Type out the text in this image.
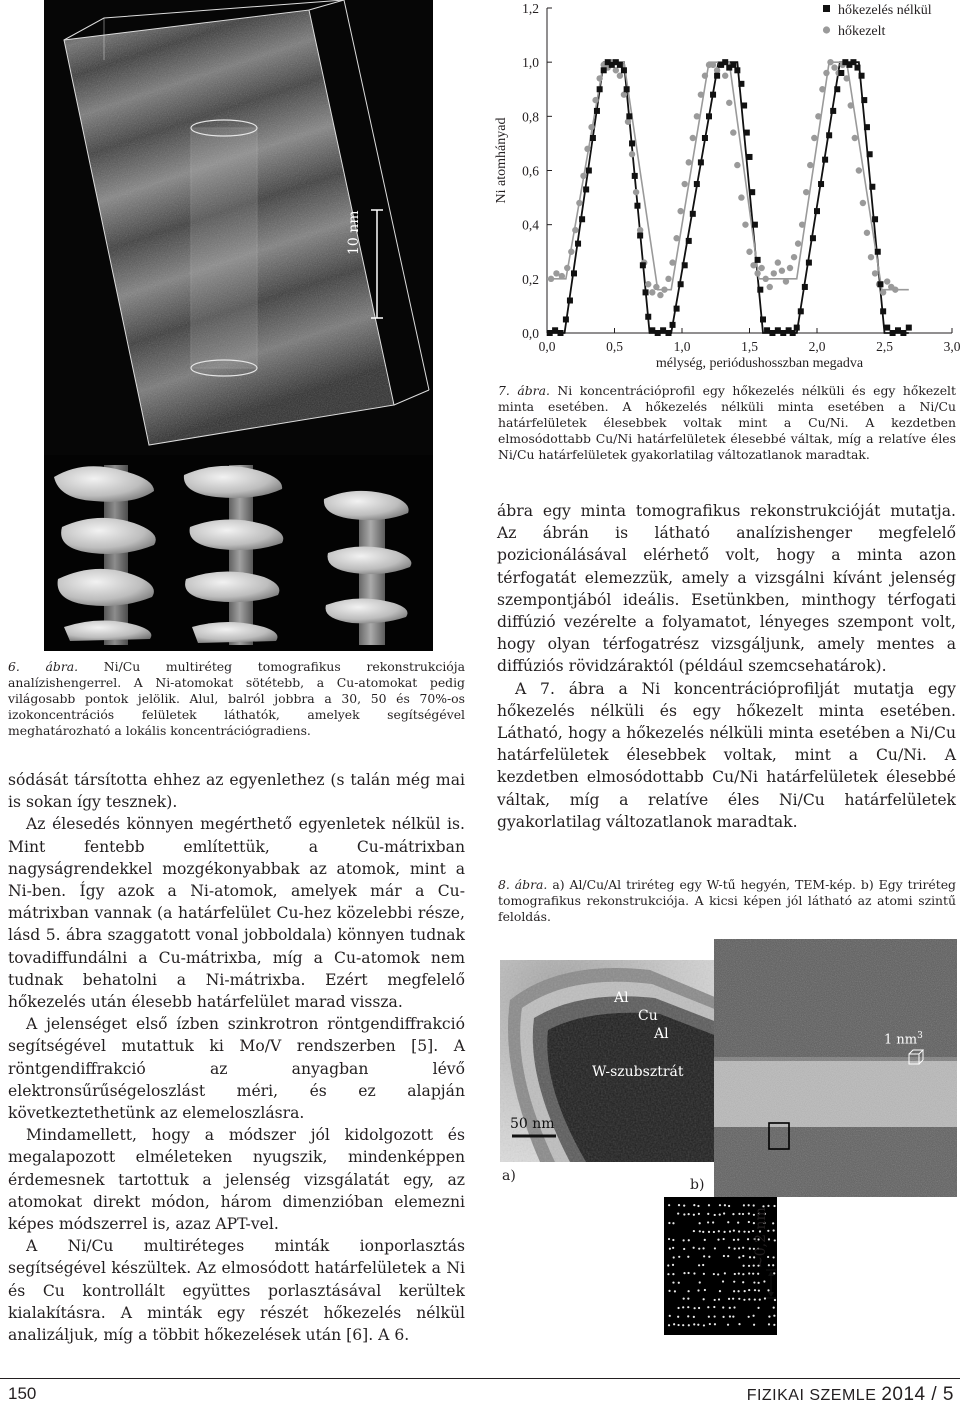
10 nm
6. ábra. Ni/Cu multiréteg tomografikus rekonstrukciója analízishengerrel. A Ni-atomokat sötétebb, a Cu-atomokat pedig világosabb pontok jelölik. Alul, balról jobbra a 30, 50 és 70%-os izokoncentrációs felületek láthatók, amelyek segítségével meghatározható a lokális koncentrációgradiens.
0,0
0,2
0,4
0,6
0,8
1,0
1,2
0,0	0,5	1,0	1,5	2,0	2,5	3,0
mélység, periódushosszban megadva
Ni atomhányad
hőkezelés nélkül
hőkezelt
7. ábra. Ni koncentrációprofil egy hőkezelés nélküli és egy hőkezelt minta esetében. A hőkezelés nélküli minta esetében a Ni/Cu határfelületek élesebbek voltak mint a Cu/Ni. A kezdetben elmosódottabb Cu/Ni határfelületek élesebbé váltak, míg a relatíve éles Ni/Cu határfelületek gyakorlatilag változatlanok maradtak.

sódását társította ehhez az egyenlethez (s talán még mai is sokan így tesznek).

Az élesedés könnyen megérthető egyenletek nélkül is. Mint fentebb említettük, a Cu-mátrixban nagyságrendekkel mozgékonyabbak az atomok, mint a Ni-ben. Így azok a Ni-atomok, amelyek már a Cu-mátrixban vannak (a határfelület Cu-hez közelebbi része, lásd 5. ábra szaggatott vonal jobboldala) könnyen tudnak tovadiffundálni a Cu-mátrixba, míg a Cu-atomok nem tudnak behatolni a Ni-mátrixba. Ezért megfelelő hőkezelés után élesebb határfelület marad vissza.

A jelenséget első ízben szinkrotron röntgendiffrakció segítségével mutattuk ki Mo/V rendszerben [5]. A röntgendiffrakció az anyagban lévő elektronsűrűségeloszlást méri, és ez alapján következtethetünk az elemeloszlásra.

Mindamellett, hogy a módszer jól kidolgozott és megalapozott elméleteken nyugszik, mindenképpen érdemesnek tartottuk a jelenség vizsgálatát egy, az atomokat direkt módon, három dimenzióban elemezni képes módszerrel is, azaz APT-vel.

A Ni/Cu multiréteges minták ionporlasztás segítségével készültek. Az elmosódott határfelületek a Ni és Cu kontrollált együttes porlasztásával kerültek kialakításra. A minták egy részét hőkezelés nélkül analizáljuk, míg a többit hőkezelések után [6]. A 6.

ábra egy minta tomografikus rekonstrukcióját mutatja. Az ábrán is látható analízishenger megfelelő pozicionálásával elérhető volt, hogy a minta azon térfogatát elemezzük, amely a vizsgálni kívánt jelenség szempontjából ideális. Esetünkben, minthogy térfogati diffúzió vezérelte a folyamatot, lényeges szempont volt, hogy olyan térfogatrész vizsgáljunk, amely mentes a diffúziós rövidzáraktól (például szemcsehatárok).

A 7. ábra a Ni koncentrációprofilját mutatja egy hőkezelés nélküli és egy hőkezelt minta esetében. Látható, hogy a hőkezelés nélküli minta esetében a Ni/Cu határfelületek élesebbek voltak, mint a Cu/Ni. A kezdetben elmosódottabb Cu/Ni határfelületek élesebbé váltak, míg a relatíve éles Ni/Cu határfelületek gyakorlatilag változatlanok maradtak.

8. ábra. a) Al/Cu/Al triréteg egy W-tű hegyén, TEM-kép. b) Egy triréteg tomografikus rekonstrukciója. A kicsi képen jól látható az atomi szintű feloldás.
Al
Cu
Al
W-szubsztrát
50 nm
a)
1 $nm^3$
b)
~0,2 nm
150	FIZIKAI SZEMLE 2014 / 5
